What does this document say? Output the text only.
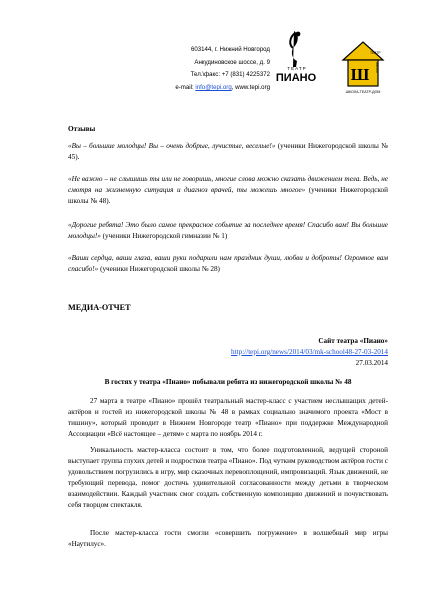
603144, г. Нижний Новгород
Анкудиновское шоссе, д. 9
Тел.\факс: +7 (831) 4225372
e-mail: info@tepi.org, www.tepi.org
ТЕАТР
ПИАНО Ш
ТЕАТР
ШКОЛА
ШКОЛА-ТЕАТР-ДОМ
Отзывы
«Вы – большие молодцы! Вы – очень добрые, лучистые, веселые!» (ученики Нижегородской школы № 45).
«Не важно – не слышишь ты или не говоришь, многие слова можно сказать движением тела. Ведь, не смотря на жизненную ситуация и диагноз врачей, ты можешь многое» (ученики Нижегородской школы № 48).
«Дорогие ребята! Это было самое прекрасное событие за последнее время! Спасибо вам! Вы большие молодцы!» (ученики Нижегородской гимназии № 1)
«Ваши сердца, ваши глаза, ваши руки подарили нам праздник души, любви и доброты! Огромное вам спасибо!» (ученики Нижегородской школы № 28)
МЕДИА-ОТЧЕТ
Сайт театра «Пиано»
http://tepi.org/news/2014/03/mk-school48-27-03-2014
27.03.2014
В гостях у театра «Пиано» побывали ребята из нижегородской школы № 48
27 марта в театре «Пиано» прошёл театральный мастер-класс с участием неслышащих детей-актёров и гостей из нижегородской школы № 48 в рамках социально значимого проекта «Мост в тишину», который проводит в Нижнем Новгороде театр «Пиано» при поддержке Международной Ассоциации «Всё настоящее – детям» с марта по ноябрь 2014 г.
Уникальность мастер-класса состоит в том, что более подготовленной, ведущей стороной выступает группа глухих детей и подростков театра «Пиано». Под чутким руководством актёров гости с удовольствием погрузились в игру, мир сказочных перевоплощений, импровизаций. Язык движений, не требующий перевода, помог достичь удивительной согласованности между детьми в творческом взаимодействии. Каждый участник смог создать собственную композицию движений и почувствовать себя творцом спектакля.
После мастер-класса гости смогли «совершить погружение» в волшебный мир игры «Наутилус».
